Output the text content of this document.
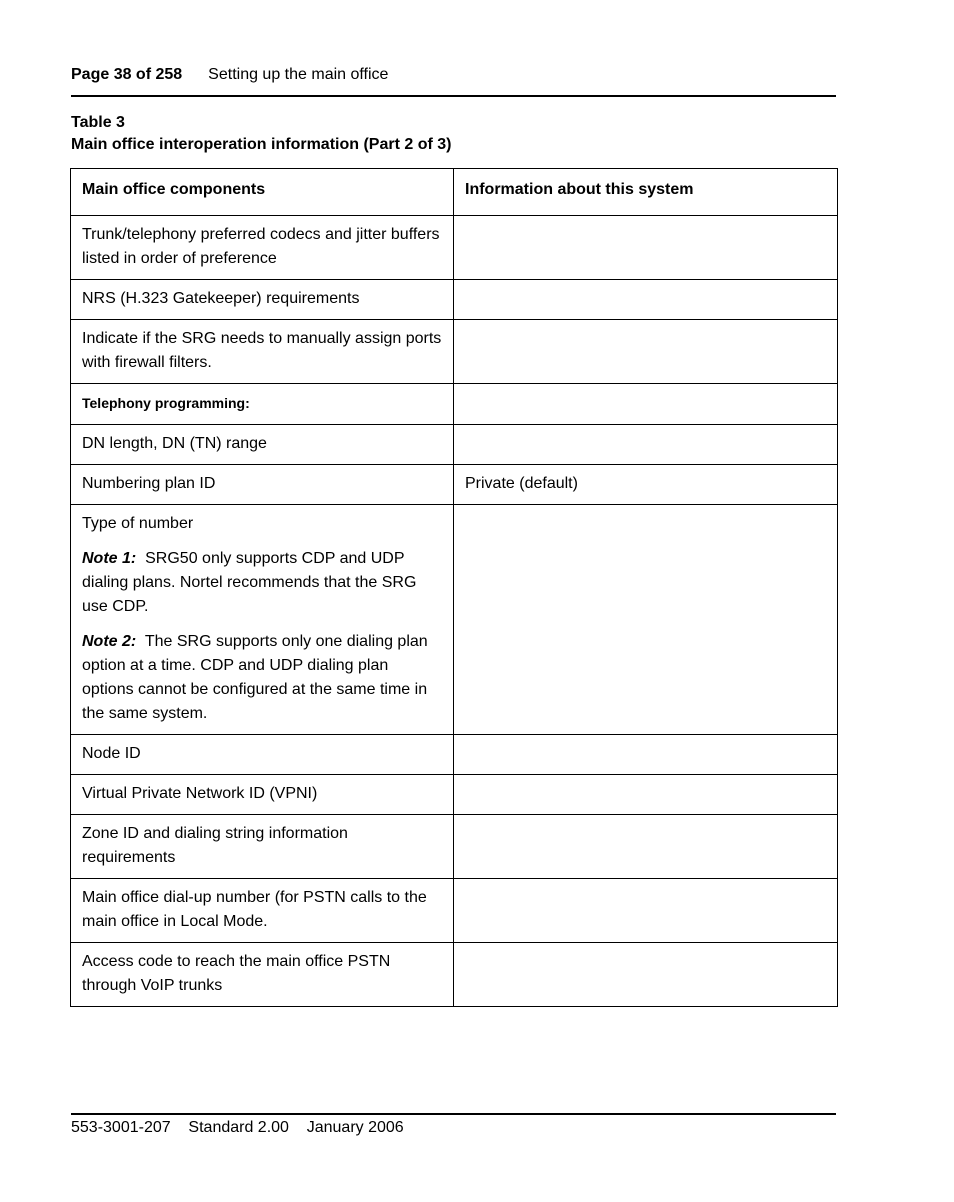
Page 38 of 258 Setting up the main office
Table 3
Main office interoperation information (Part 2 of 3)
Main office components	Information about this system
Trunk/telephony preferred codecs and jitter buffers listed in order of preference	
NRS (H.323 Gatekeeper) requirements	
Indicate if the SRG needs to manually assign ports with firewall filters.	
Telephony programming:	
DN length, DN (TN) range	
Numbering plan ID	Private (default)

Type of number
Note 1: SRG50 only supports CDP and UDP dialing plans. Nortel recommends that the SRG use CDP.
Note 2: The SRG supports only one dialing plan option at a time. CDP and UDP dialing plan options cannot be configured at the same time in the same system.	

Node ID	
Virtual Private Network ID (VPNI)	
Zone ID and dialing string information requirements	
Main office dial-up number (for PSTN calls to the main office in Local Mode.	
Access code to reach the main office PSTN through VoIP trunks	
553-3001-207 Standard 2.00 January 2006
